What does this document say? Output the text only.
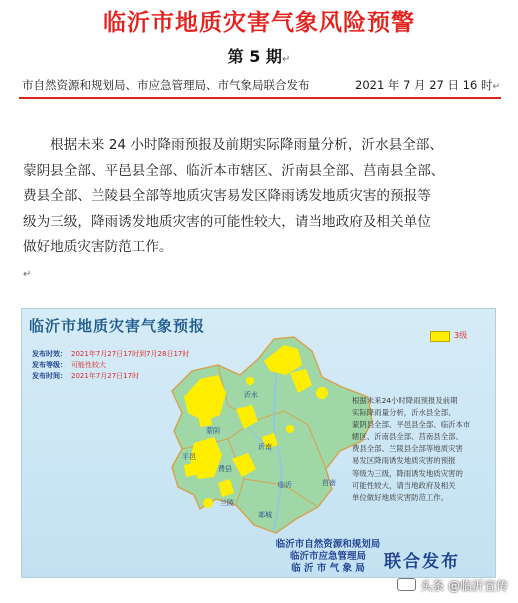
临沂市地质灾害气象风险预警
第 5 期↵
市自然资源和规划局、市应急管理局、市气象局联合发布	2021 年 7 月 27 日 16 时↵
根据未来 24 小时降雨预报及前期实际降雨量分析，沂水县全部、
蒙阴县全部、平邑县全部、临沂本市辖区、沂南县全部、莒南县全部、
费县全部、兰陵县全部等地质灾害易发区降雨诱发地质灾害的预报等
级为三级，降雨诱发地质灾害的可能性较大，请当地政府及相关单位
做好地质灾害防范工作。
↵
沂水
蒙阴
平邑
沂南
费县
兰陵
临沂	莒南
郯城
临沂市地质灾害气象预报
发布时效： 2021年7月27日17时到7月28日17时
发布等级： 可能性较大
发布时间： 2021年7月27日17时
3级
根据未来24小时降雨预报及前期
实际降雨量分析，沂水县全部、
蒙阴县全部、平邑县全部、临沂本市
辖区、沂南县全部、莒南县全部、
费县全部、兰陵县全部等地质灾害
易发区降雨诱发地质灾害的预报
等级为三级，降雨诱发地质灾害的
可能性较大，请当地政府及相关
单位做好地质灾害防范工作。
临沂市自然资源和规划局
临沂市应急管理局
临 沂 市 气 象 局	联合发布
头条 @临沂宣传
